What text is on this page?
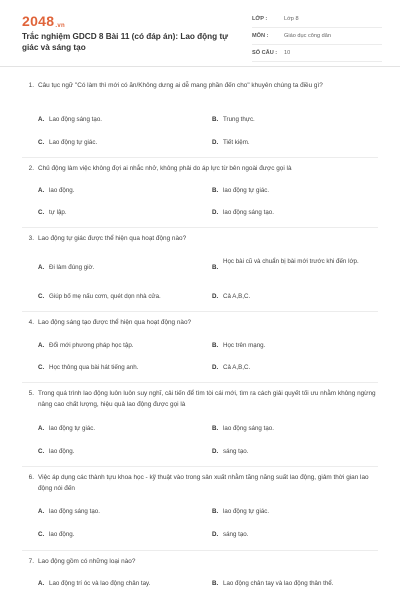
2048.vn
Trắc nghiệm GDCD 8 Bài 11 (có đáp án): Lao động tự giác và sáng tạo
LỚP :	Lớp 8
MÔN :	Giáo dục công dân
SỐ CÂU :	10
1. Câu tục ngữ "Có làm thì mới có ăn/Không dưng ai dễ mang phần đến cho" khuyên chúng ta điều gì?
A. Lao động sáng tạo.	B. Trung thực.
C. Lao động tự giác.	D. Tiết kiệm.
2. Chủ động làm việc không đợi ai nhắc nhở, không phải do áp lực từ bên ngoài được gọi là
A. lao động.	B. lao động tự giác.
C. tự lập.	D. lao động sáng tạo.
3. Lao động tự giác được thể hiện qua hoạt động nào?
A. Đi làm đúng giờ.	B.
Học bài cũ và chuẩn bị bài mới trước khi đến lớp.
C. Giúp bố mẹ nấu cơm, quét dọn nhà cửa.	D. Cả A,B,C.
4. Lao động sáng tạo được thể hiện qua hoạt động nào?
A. Đổi mới phương pháp học tập.	B. Học trên mạng.
C. Học thông qua bài hát tiếng anh.	D. Cả A,B,C.
5. Trong quá trình lao động luôn luôn suy nghĩ, cải tiến để tìm tòi cái mới, tìm ra cách giải quyết tối ưu nhằm không ngừng nâng cao chất lượng, hiệu quả lao động được gọi là
A. lao động tự giác.	B. lao động sáng tạo.
C. lao động.	D. sáng tạo.
6. Việc áp dụng các thành tựu khoa học - kỹ thuật vào trong sản xuất nhằm tăng năng suất lao động, giảm thời gian lao động nói đến
A. lao động sáng tạo.	B. lao động tự giác.
C. lao động.	D. sáng tạo.
7. Lao động gồm có những loại nào?
A. Lao động trí óc và lao động chân tay.	B. Lao động chân tay và lao động thân thể.
